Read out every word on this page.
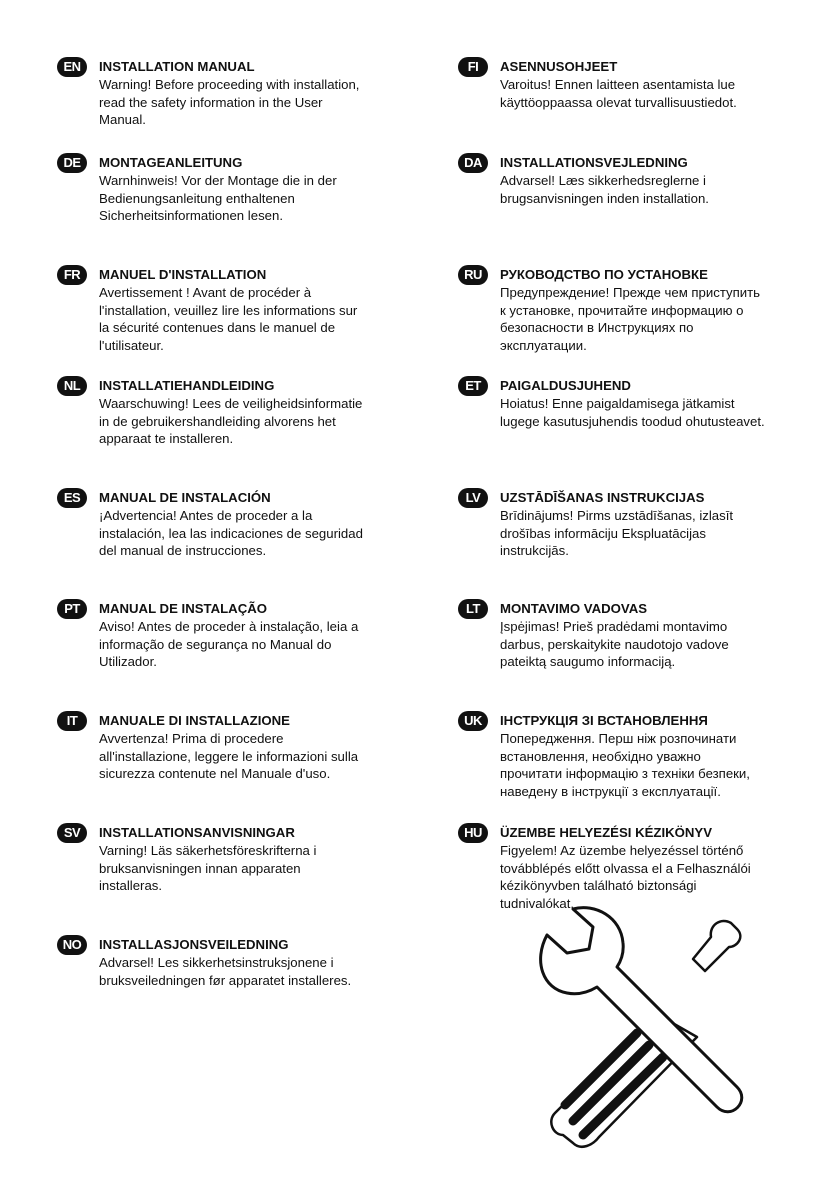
EN	INSTALLATION MANUAL
Warning! Before proceeding with installation,
read the safety information in the User
Manual.
DE	MONTAGEANLEITUNG
Warnhinweis! Vor der Montage die in der
Bedienungsanleitung enthaltenen
Sicherheitsinformationen lesen.
FR	MANUEL D'INSTALLATION
Avertissement ! Avant de procéder à
l'installation, veuillez lire les informations sur
la sécurité contenues dans le manuel de
l'utilisateur.
NL	INSTALLATIEHANDLEIDING
Waarschuwing! Lees de veiligheidsinformatie
in de gebruikershandleiding alvorens het
apparaat te installeren.
ES	MANUAL DE INSTALACIÓN
¡Advertencia! Antes de proceder a la
instalación, lea las indicaciones de seguridad
del manual de instrucciones.
PT	MANUAL DE INSTALAÇÃO
Aviso! Antes de proceder à instalação, leia a
informação de segurança no Manual do
Utilizador.
IT	MANUALE DI INSTALLAZIONE
Avvertenza! Prima di procedere
all'installazione, leggere le informazioni sulla
sicurezza contenute nel Manuale d'uso.
SV	INSTALLATIONSANVISNINGAR
Varning! Läs säkerhetsföreskrifterna i
bruksanvisningen innan apparaten
installeras.
NO	INSTALLASJONSVEILEDNING
Advarsel! Les sikkerhetsinstruksjonene i
bruksveiledningen før apparatet installeres.
FI	ASENNUSOHJEET
Varoitus! Ennen laitteen asentamista lue
käyttöoppaassa olevat turvallisuustiedot.
DA	INSTALLATIONSVEJLEDNING
Advarsel! Læs sikkerhedsreglerne i
brugsanvisningen inden installation.
RU	РУКОВОДСТВО ПО УСТАНОВКЕ
Предупреждение! Прежде чем приступить
к установке, прочитайте информацию о
безопасности в Инструкциях по
эксплуатации.
ET	PAIGALDUSJUHEND
Hoiatus! Enne paigaldamisega jätkamist
lugege kasutusjuhendis toodud ohutusteavet.
LV	UZSTĀDĪŠANAS INSTRUKCIJAS
Brīdinājums! Pirms uzstādīšanas, izlasīt
drošības informāciju Ekspluatācijas
instrukcijās.
LT	MONTAVIMO VADOVAS
Įspėjimas! Prieš pradėdami montavimo
darbus, perskaitykite naudotojo vadove
pateiktą saugumo informaciją.
UK	ІНСТРУКЦІЯ ЗІ ВСТАНОВЛЕННЯ
Попередження. Перш ніж розпочинати
встановлення, необхідно уважно
прочитати інформацію з техніки безпеки,
наведену в інструкції з експлуатації.
HU	ÜZEMBE HELYEZÉSI KÉZIKÖNYV
Figyelem! Az üzembe helyezéssel történő
továbblépés előtt olvassa el a Felhasználói
kézikönyvben található biztonsági
tudnivalókat.
